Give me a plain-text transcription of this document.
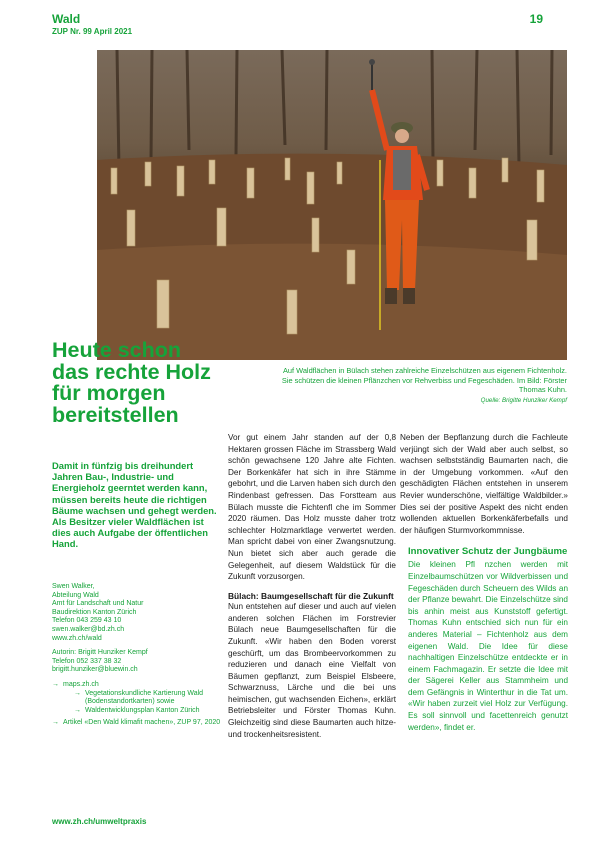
Wald
ZUP Nr. 99 April 2021
19
Auf Waldflächen in Bülach stehen zahlreiche Einzelschützen aus eigenem Fichtenholz. Sie schützen die kleinen Pflänzchen vor Rehverbiss und Fegeschäden. Im Bild: Förster Thomas Kuhn.
Quelle: Brigitte Hunziker Kempf
Heute schon das rechte Holz für morgen bereitstellen

Damit in fünfzig bis dreihundert Jahren Bau-, Industrie- und Energieholz geerntet werden kann, müssen bereits heute die richtigen Bäume wachsen und gehegt werden. Als Besitzer vieler Waldflächen ist dies auch Aufgabe der öffentlichen Hand.

Swen Walker,
Abteilung Wald
Amt für Landschaft und Natur
Baudirektion Kanton Zürich
Telefon 043 259 43 10
swen.walker@bd.zh.ch
www.zh.ch/wald

Autorin: Brigitt Hunziker Kempf
Telefon 052 337 38 32
brigitt.hunziker@bluewin.ch

→ maps.zh.ch
→ Vegetationskundliche Kartierung Wald (Bodenstandortkarten) sowie
→ Waldentwicklungsplan Kanton Zürich
→ Artikel «Den Wald klimafit machen», ZUP 97, 2020

Vor gut einem Jahr standen auf der 0,8 Hektaren grossen Fläche im Strassberg Wald schön gewachsene 120 Jahre alte Fichten. Der Borkenkäfer hat sich in ihre Stämme gebohrt, und die Larven haben sich durch den Rindenbast gefressen. Das Forstteam aus Bülach musste die Fichtenfl che im Sommer 2020 räumen. Das Holz musste daher trotz schlechter Holzmarktlage verwertet werden. Man spricht dabei von einer Zwangsnutzung. Nun bietet sich aber auch gerade die Gelegenheit, auf diesem Waldstück für die Zukunft vorzusorgen.

Bülach: Baumgesellschaft für die Zukunft

Nun entstehen auf dieser und auch auf vielen anderen solchen Flächen im Forstrevier Bülach neue Baumgesellschaften für die Zukunft. «Wir haben den Boden vorerst geschürft, um das Brombeervorkommen zu reduzieren und danach eine Vielfalt von Bäumen gepflanzt, zum Beispiel Elsbeere, Schwarznuss, Lärche und die bei uns heimischen, gut wachsenden Eichen», erklärt Betriebsleiter und Förster Thomas Kuhn. Gleichzeitig sind diese Baumarten auch hitze- und trockenheitsresistent.

Neben der Bepflanzung durch die Fachleute verjüngt sich der Wald aber auch selbst, so wachsen selbstständig Baumarten nach, die in der Umgebung vorkommen. «Auf den geschädigten Flächen entstehen in unserem Revier wunderschöne, vielfältige Waldbilder.» Dies sei der positive Aspekt des nicht enden wollenden aktuellen Borkenkäferbefalls und der häufigen Sturmvorkommnisse.

Innovativer Schutz der Jungbäume

Die kleinen Pfl nzchen werden mit Einzelbaumschützen vor Wildverbissen und Fegeschäden durch Scheuern des Wilds an der Pflanze bewahrt. Die Einzelschütze sind bis anhin meist aus Kunststoff gefertigt. Thomas Kuhn entschied sich nun für ein anderes Material – Fichtenholz aus dem eigenen Wald. Die Idee für diese nachhaltigen Einzelschütze entdeckte er in einem Fachmagazin. Er setzte die Idee mit der Sägerei Keller aus Stammheim und dem Gefängnis in Winterthur in die Tat um. «Wir haben zurzeit viel Holz zur Verfügung. Es soll sinnvoll und facettenreich genutzt werden», findet er.

www.zh.ch/umweltpraxis
